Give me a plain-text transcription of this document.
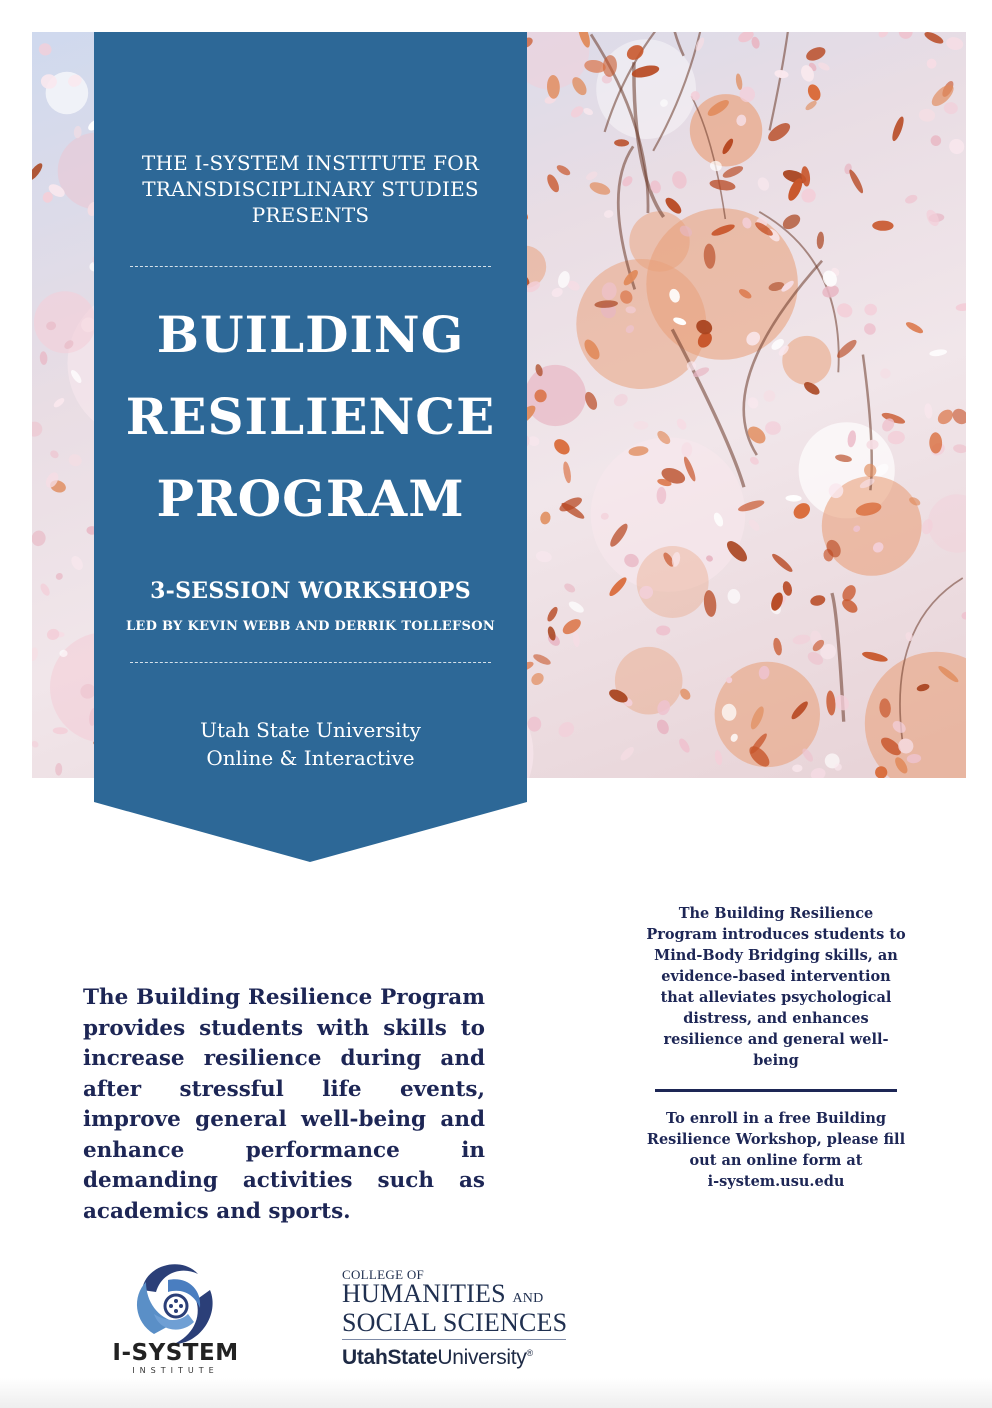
THE I-SYSTEM INSTITUTE FOR
TRANSDISCIPLINARY STUDIES
PRESENTS
BUILDING
RESILIENCE
PROGRAM
3-SESSION WORKSHOPS
LED BY KEVIN WEBB AND DERRIK TOLLEFSON
Utah State University
Online & Interactive
The Building Resilience Program provides students with skills to increase resilience during and after stressful life events, improve general well-being and enhance performance in demanding activities such as academics and sports.
The Building Resilience Program introduces students to Mind-Body Bridging skills, an evidence-based intervention that alleviates psychological distress, and enhances resilience and general well-being
To enroll in a free Building Resilience Workshop, please fill out an online form at
i-system.usu.edu
I-SYSTEM
INSTITUTE
COLLEGE OF
HUMANITIES AND
SOCIAL SCIENCES
UtahStateUniversity®
